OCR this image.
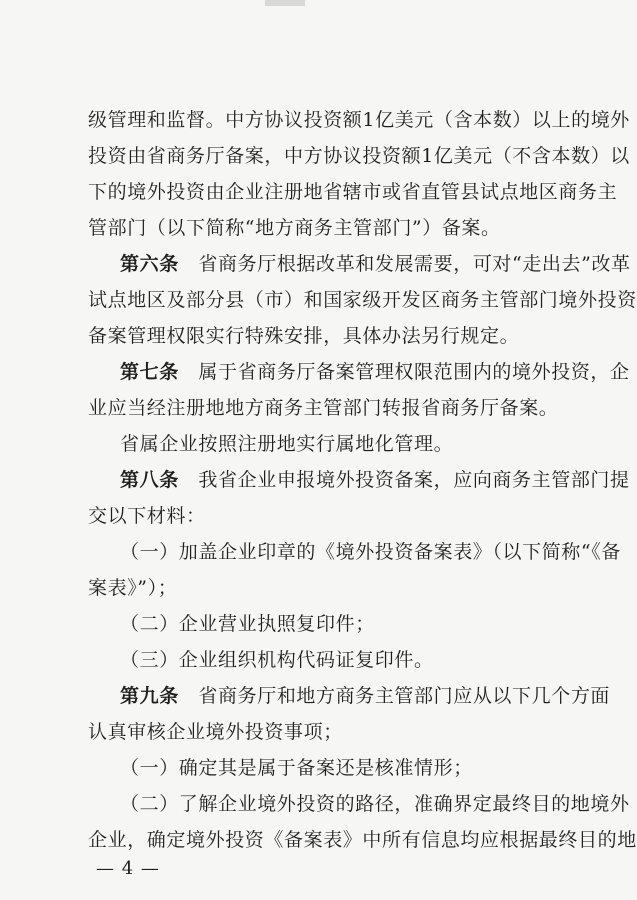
级管理和监督。中方协议投资额1亿美元（含本数）以上的境外
投资由省商务厅备案，中方协议投资额1亿美元（不含本数）以
下的境外投资由企业注册地省辖市或省直管县试点地区商务主
管部门（以下简称“地方商务主管部门”）备案。
第六条　 省商务厅根据改革和发展需要，可对“走出去”改革
试点地区及部分县（市）和国家级开发区商务主管部门境外投资
备案管理权限实行特殊安排，具体办法另行规定。
第七条　 属于省商务厅备案管理权限范围内的境外投资，企
业应当经注册地地方商务主管部门转报省商务厅备案。
省属企业按照注册地实行属地化管理。
第八条　 我省企业申报境外投资备案，应向商务主管部门提
交以下材料：
（一）加盖企业印章的《境外投资备案表》（以下简称“《备
案表》”）；
（二）企业营业执照复印件；
（三）企业组织机构代码证复印件。
第九条　 省商务厅和地方商务主管部门应从以下几个方面
认真审核企业境外投资事项；
（一）确定其是属于备案还是核准情形；
（二）了解企业境外投资的路径，准确界定最终目的地境外
企业，确定境外投资《备案表》中所有信息均应根据最终目的地
— 4 —
